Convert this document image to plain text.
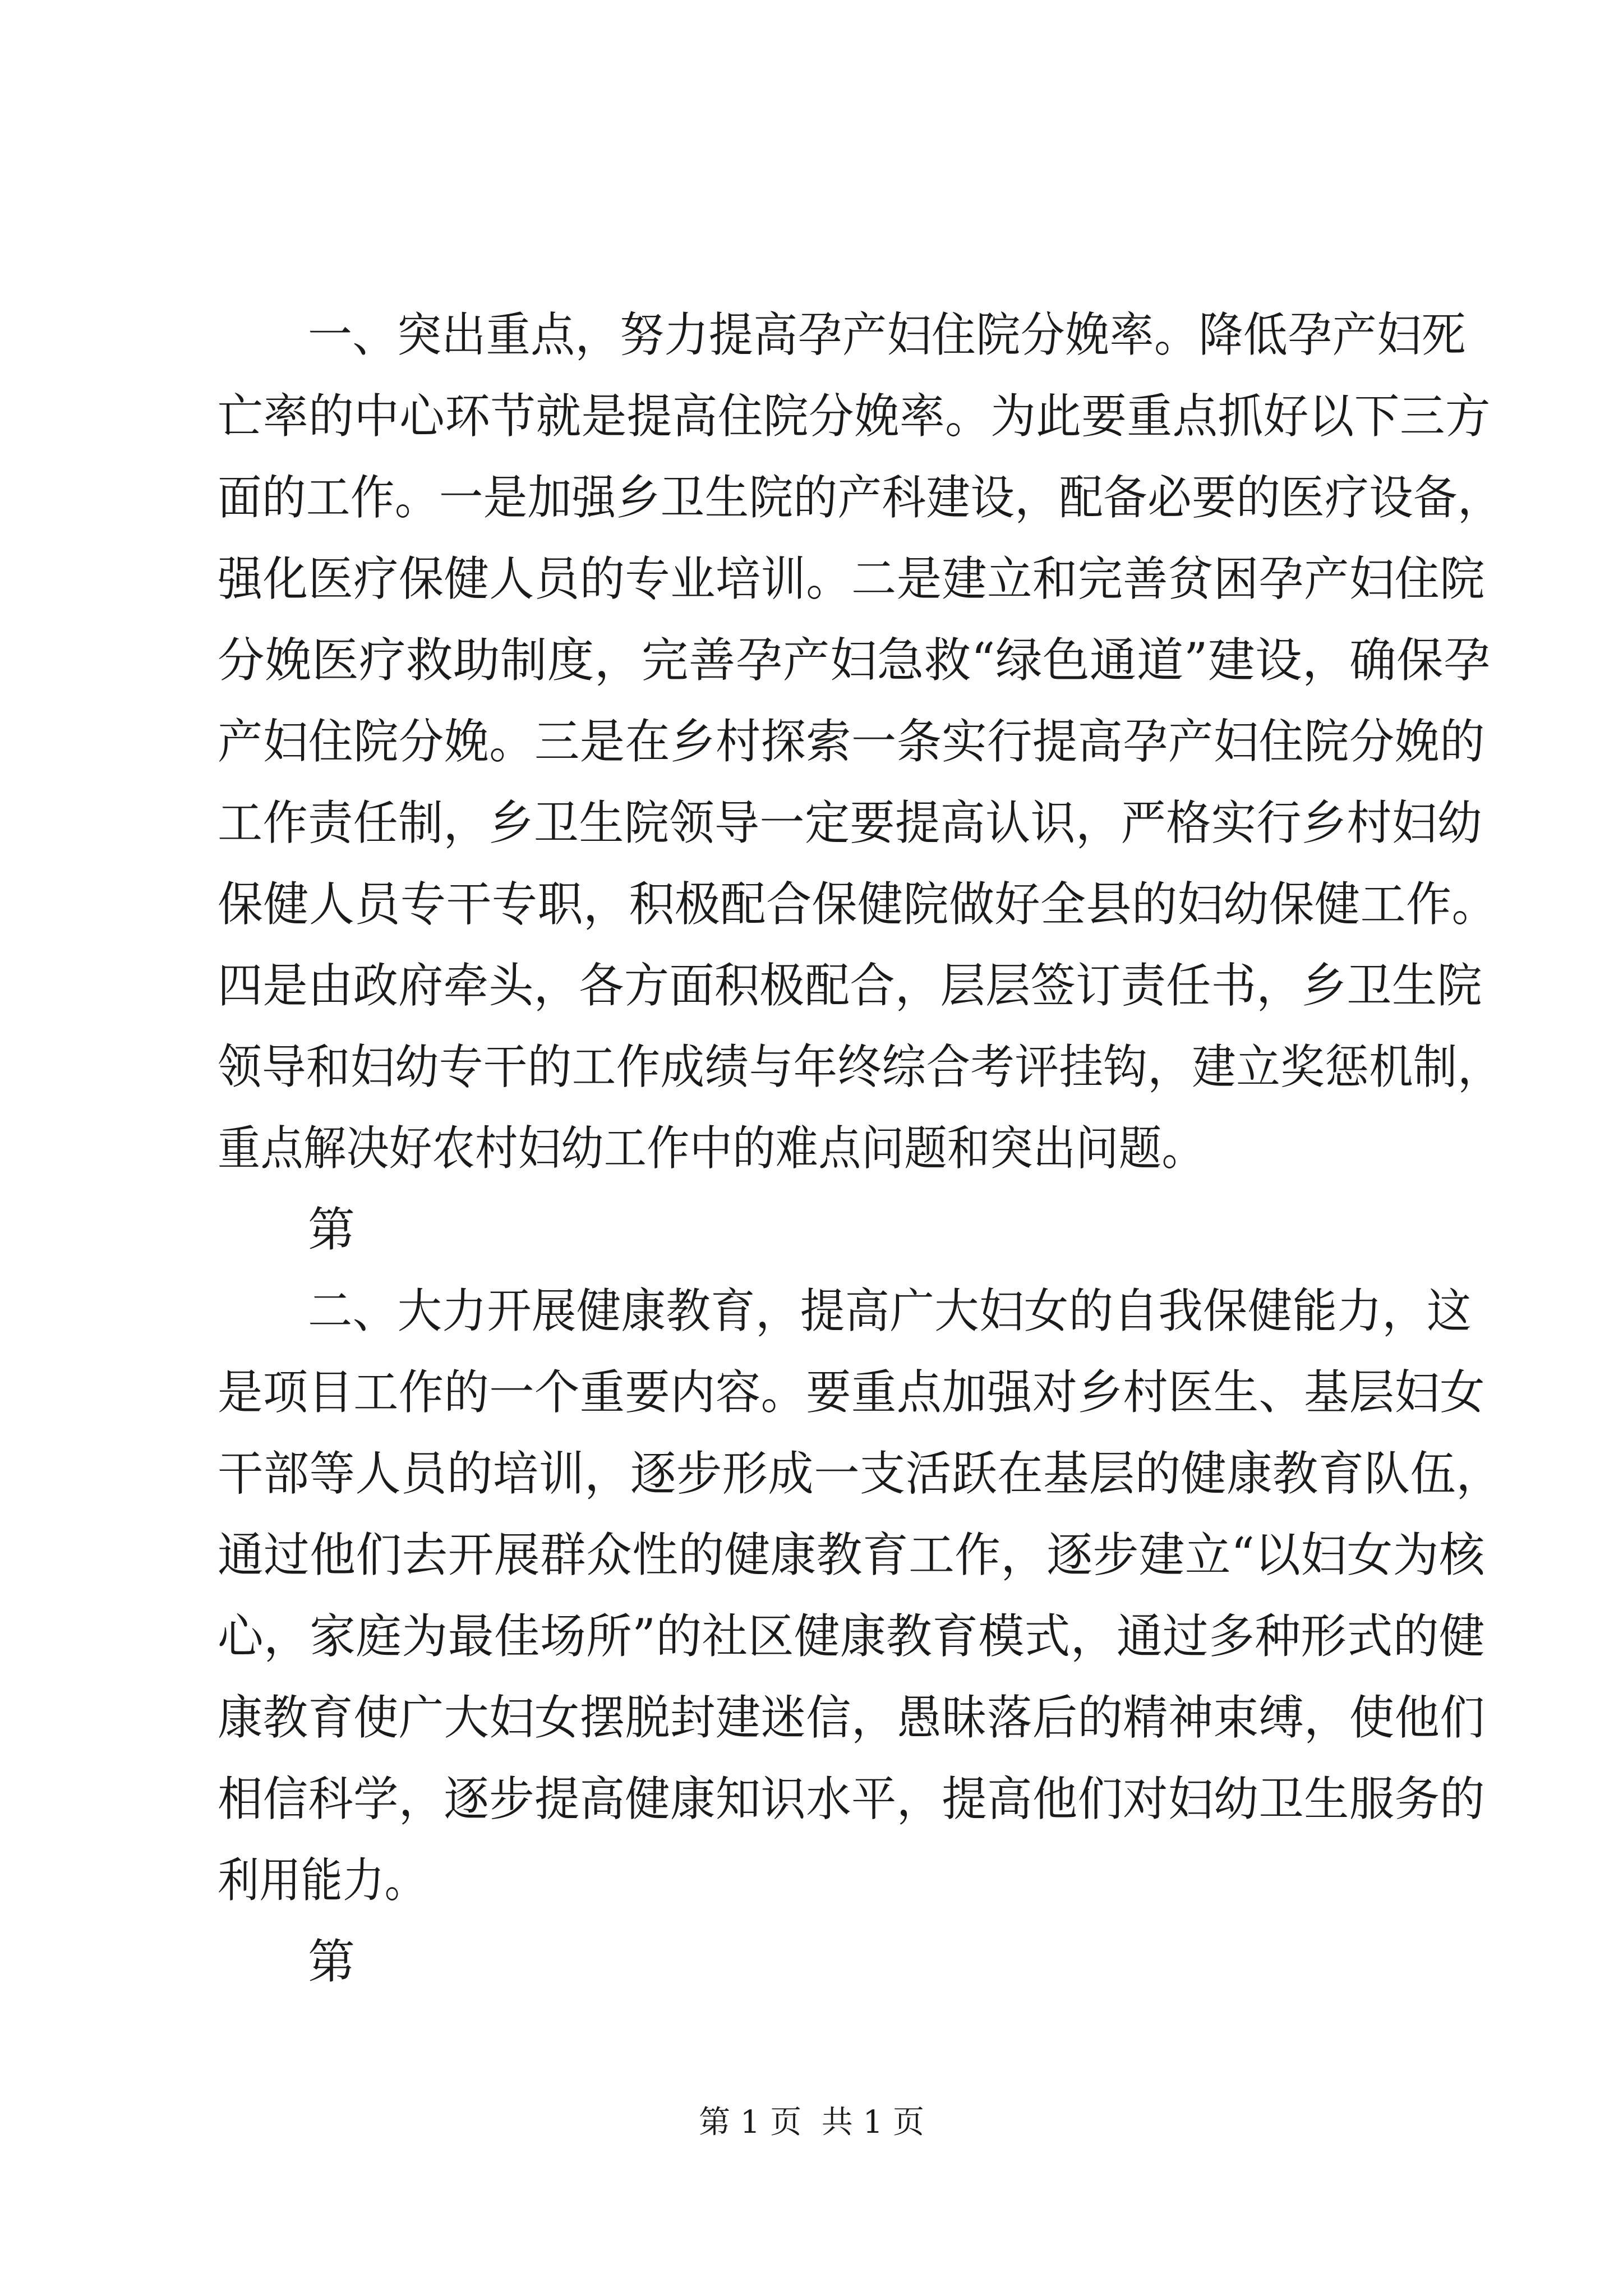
一、突出重点，努力提高孕产妇住院分娩率。降低孕产妇死
亡率的中心环节就是提高住院分娩率。为此要重点抓好以下三方
面的工作。一是加强乡卫生院的产科建设，配备必要的医疗设备，
强化医疗保健人员的专业培训。二是建立和完善贫困孕产妇住院
分娩医疗救助制度，完善孕产妇急救“绿色通道”建设，确保孕
产妇住院分娩。三是在乡村探索一条实行提高孕产妇住院分娩的
工作责任制，乡卫生院领导一定要提高认识，严格实行乡村妇幼
保健人员专干专职，积极配合保健院做好全县的妇幼保健工作。
四是由政府牵头，各方面积极配合，层层签订责任书，乡卫生院
领导和妇幼专干的工作成绩与年终综合考评挂钩，建立奖惩机制，
重点解决好农村妇幼工作中的难点问题和突出问题。
第
二、大力开展健康教育，提高广大妇女的自我保健能力，这
是项目工作的一个重要内容。要重点加强对乡村医生、基层妇女
干部等人员的培训，逐步形成一支活跃在基层的健康教育队伍，
通过他们去开展群众性的健康教育工作，逐步建立“以妇女为核
心，家庭为最佳场所”的社区健康教育模式，通过多种形式的健
康教育使广大妇女摆脱封建迷信，愚昧落后的精神束缚，使他们
相信科学，逐步提高健康知识水平，提高他们对妇幼卫生服务的
利用能力。
第
第 1 页  共 1 页
